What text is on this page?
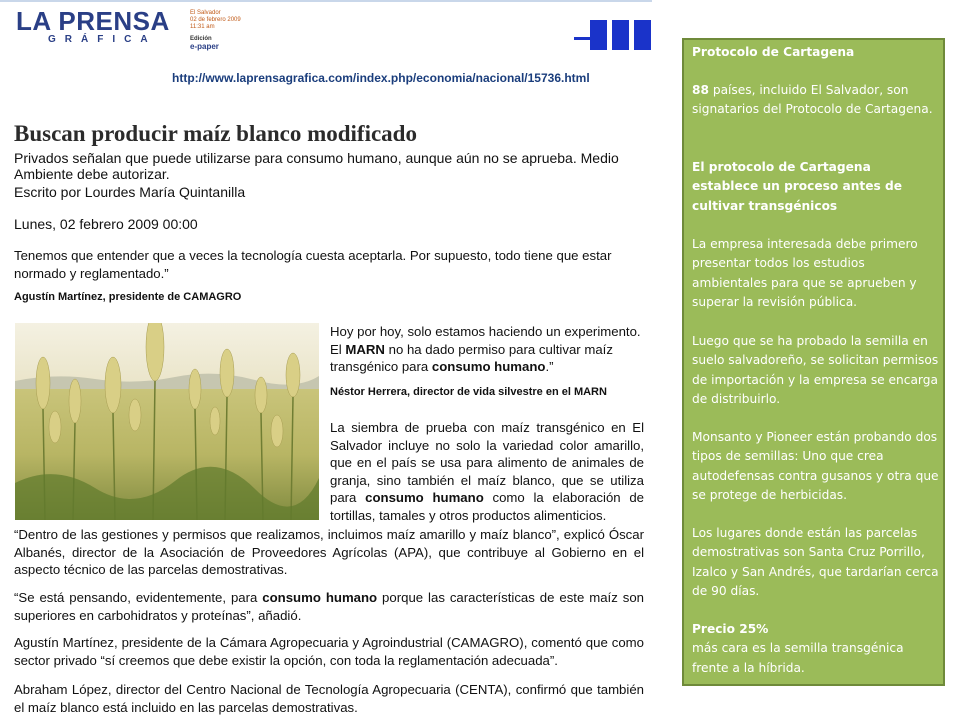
LA PRENSA
GRÁFICA
El Salvador
02 de febrero 2009
11:31 am
Edición
e-paper
http://www.laprensagrafica.com/index.php/economia/nacional/15736.html
Buscan producir maíz blanco modificado
Privados señalan que puede utilizarse para consumo humano, aunque aún no se aprueba. Medio Ambiente debe autorizar.
Escrito por Lourdes María Quintanilla
Lunes, 02 febrero 2009 00:00
Tenemos que entender que a veces la tecnología cuesta aceptarla. Por supuesto, todo tiene que estar normado y reglamentado.”
Agustín Martínez, presidente de CAMAGRO
Hoy por hoy, solo estamos haciendo un experimento. El MARN no ha dado permiso para cultivar maíz transgénico para consumo humano.”
Néstor Herrera, director de vida silvestre en el MARN
La siembra de prueba con maíz transgénico en El Salvador incluye no solo la variedad color amarillo, que en el país se usa para alimento de animales de granja, sino también el maíz blanco, que se utiliza para consumo humano como la elaboración de tortillas, tamales y otros productos alimenticios.
“Dentro de las gestiones y permisos que realizamos, incluimos maíz amarillo y maíz blanco”, explicó Óscar Albanés, director de la Asociación de Proveedores Agrícolas (APA), que contribuye al Gobierno en el aspecto técnico de las parcelas demostrativas.
“Se está pensando, evidentemente, para consumo humano porque las características de este maíz son superiores en carbohidratos y proteínas”, añadió.
Agustín Martínez, presidente de la Cámara Agropecuaria y Agroindustrial (CAMAGRO), comentó que como sector privado “sí creemos que debe existir la opción, con toda la reglamentación adecuada”.
Abraham López, director del Centro Nacional de Tecnología Agropecuaria (CENTA), confirmó que también el maíz blanco está incluido en las parcelas demostrativas.
Protocolo de Cartagena
88 países, incluido El Salvador, son signatarios del Protocolo de Cartagena.
El protocolo de Cartagena establece un proceso antes de cultivar transgénicos
La empresa interesada debe primero presentar todos los estudios ambientales para que se aprueben y superar la revisión pública.
Luego que se ha probado la semilla en suelo salvadoreño, se solicitan permisos de importación y la empresa se encarga de distribuirlo.
Monsanto y Pioneer están probando dos tipos de semillas: Uno que crea autodefensas contra gusanos y otra que se protege de herbicidas.
Los lugares donde están las parcelas demostrativas son Santa Cruz Porrillo, Izalco y San Andrés, que tardarían cerca de 90 días.
Precio 25%
más cara es la semilla transgénica frente a la híbrida.
